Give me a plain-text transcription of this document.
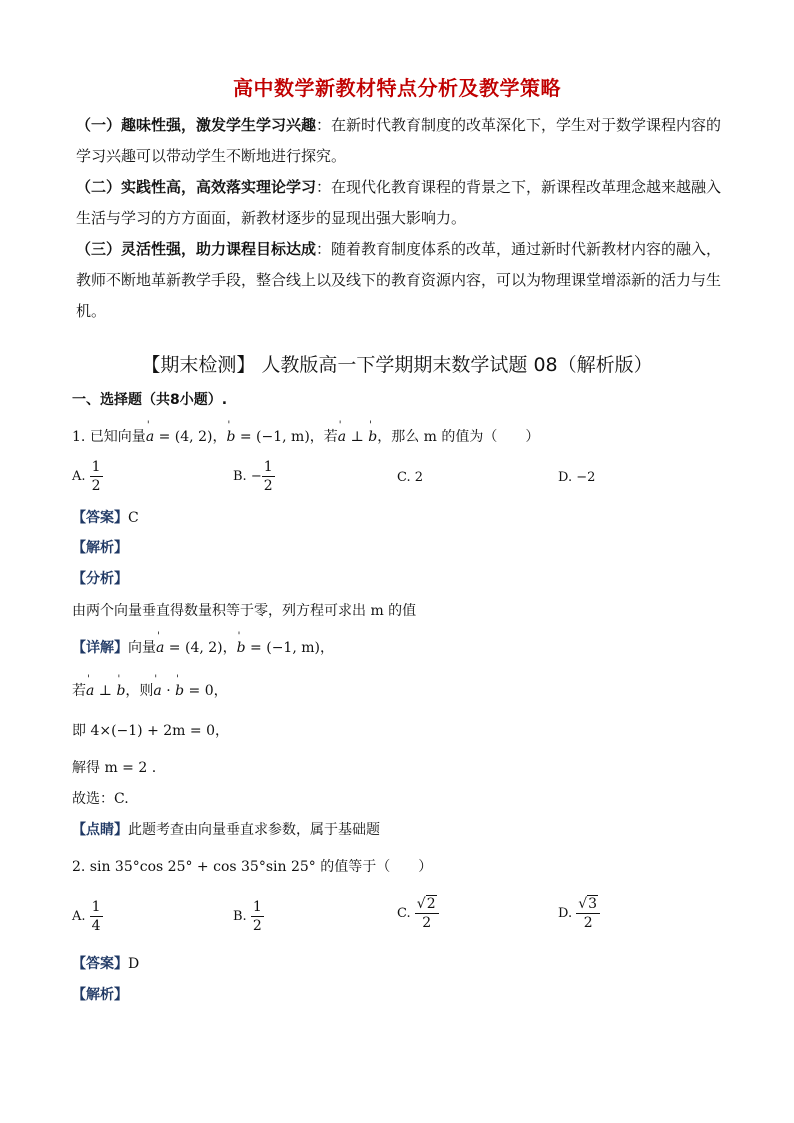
高中数学新教材特点分析及教学策略
（一）趣味性强，激发学生学习兴趣：在新时代教育制度的改革深化下，学生对于数学课程内容的学习兴趣可以带动学生不断地进行探究。
（二）实践性高，高效落实理论学习：在现代化教育课程的背景之下，新课程改革理念越来越融入生活与学习的方方面面，新教材逐步的显现出强大影响力。
（三）灵活性强，助力课程目标达成：随着教育制度体系的改革，通过新时代新教材内容的融入，教师不断地革新教学手段，整合线上以及线下的教育资源内容，可以为物理课堂增添新的活力与生机。
【期末检测】 人教版高一下学期期末数学试题 08（解析版）
一、选择题（共8小题）.
1. 已知向量' a = (4, 2)，' b = (−1, m)，若' a ⊥ ' b，那么 m 的值为（　　）
A. $\frac{1}{2}$	B. − $\frac{1}{2}$	C. 2	D. −2
【答案】C
【解析】
【分析】
由两个向量垂直得数量积等于零，列方程可求出 m 的值
【详解】向量' a = (4, 2)，' b = (−1, m)，
若' a ⊥ ' b，则' a · ' b = 0，
即 4×(−1) + 2m = 0，
解得 m = 2 .
故选：C.
【点睛】此题考查由向量垂直求参数，属于基础题
2. sin 35°cos 25° + cos 35°sin 25° 的值等于（　　）
A. $\frac{1}{4}$	B. $\frac{1}{2}$	C. $\frac{√2}{2}$	D. $\frac{√3}{2}$
【答案】D
【解析】
